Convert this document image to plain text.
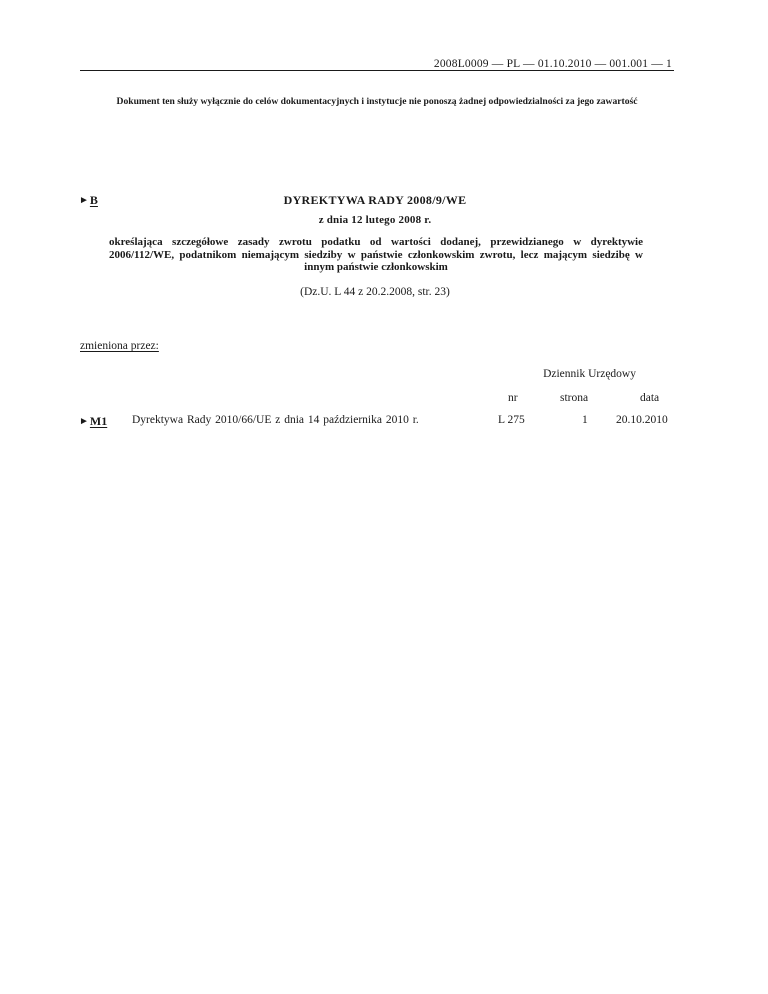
2008L0009 — PL — 01.10.2010 — 001.001 — 1
Dokument ten służy wyłącznie do celów dokumentacyjnych i instytucje nie ponoszą żadnej odpowiedzialności za jego zawartość
►B	DYREKTYWA RADY 2008/9/WE
z dnia 12 lutego 2008 r.
określająca szczegółowe zasady zwrotu podatku od wartości dodanej, przewidzianego w dyrektywie 2006/112/WE, podatnikom niemającym siedziby w państwie członkowskim zwrotu, lecz mającym siedzibę w innym państwie członkowskim
(Dz.U. L 44 z 20.2.2008, str. 23)
zmieniona przez:
Dziennik Urzędowy
nr	strona	data
►M1 Dyrektywa Rady 2010/66/UE z dnia 14 października 2010 r.	L 275	1 20.10.2010
